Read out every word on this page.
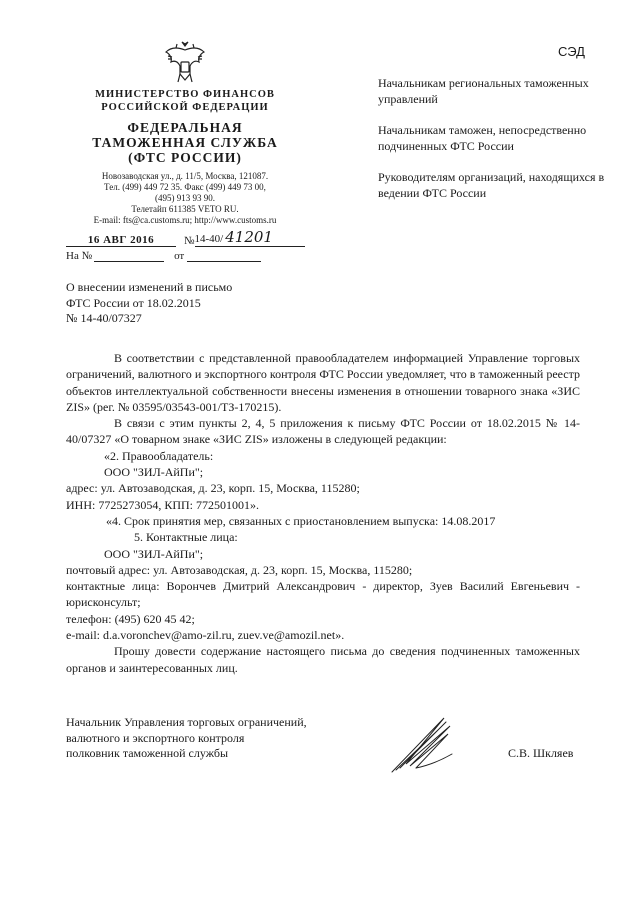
СЭД
МИНИСТЕРСТВО ФИНАНСОВ
РОССИЙСКОЙ ФЕДЕРАЦИИ
ФЕДЕРАЛЬНАЯ
ТАМОЖЕННАЯ СЛУЖБА
(ФТС РОССИИ)
Новозаводская ул., д. 11/5, Москва, 121087.
Тел. (499) 449 72 35. Факс (499) 449 73 00,
(495) 913 93 90.
Телетайп 611385 VETO RU.
E-mail: fts@ca.customs.ru; http://www.customs.ru
16 АВГ 2016	№ 14-40/ 41201
На №	от
Начальникам региональных таможенных управлений
Начальникам таможен, непосредственно подчиненных ФТС России
Руководителям организаций, находящихся в ведении ФТС России
О внесении изменений в письмо
ФТС России от 18.02.2015
№ 14-40/07327

В соответствии с представленной правообладателем информацией Управление торговых ограничений, валютного и экспортного контроля ФТС России уведомляет, что в таможенный реестр объектов интеллектуальной собственности внесены изменения в отношении товарного знака «ЗИС ZIS» (рег. № 03595/03543-001/ТЗ-170215).

В связи с этим пункты 2, 4, 5 приложения к письму ФТС России от 18.02.2015 № 14-40/07327 «О товарном знаке «ЗИС ZIS» изложены в следующей редакции:

«2. Правообладатель:

ООО "ЗИЛ-АйПи";

адрес: ул. Автозаводская, д. 23, корп. 15, Москва, 115280;

ИНН: 7725273054, КПП: 772501001».

«4. Срок принятия мер, связанных с приостановлением выпуска: 14.08.2017

5. Контактные лица:

ООО "ЗИЛ-АйПи";

почтовый адрес: ул. Автозаводская, д. 23, корп. 15, Москва, 115280;

контактные лица: Ворончев Дмитрий Александрович - директор, Зуев Василий Евгеньевич - юрисконсульт;

телефон: (495) 620 45 42;

e-mail: d.a.voronchev@amo-zil.ru, zuev.ve@amozil.net».

Прошу довести содержание настоящего письма до сведения подчиненных таможенных органов и заинтересованных лиц.

Начальник Управления торговых ограничений,
валютного и экспортного контроля
полковник таможенной службы	С.В. Шкляев
